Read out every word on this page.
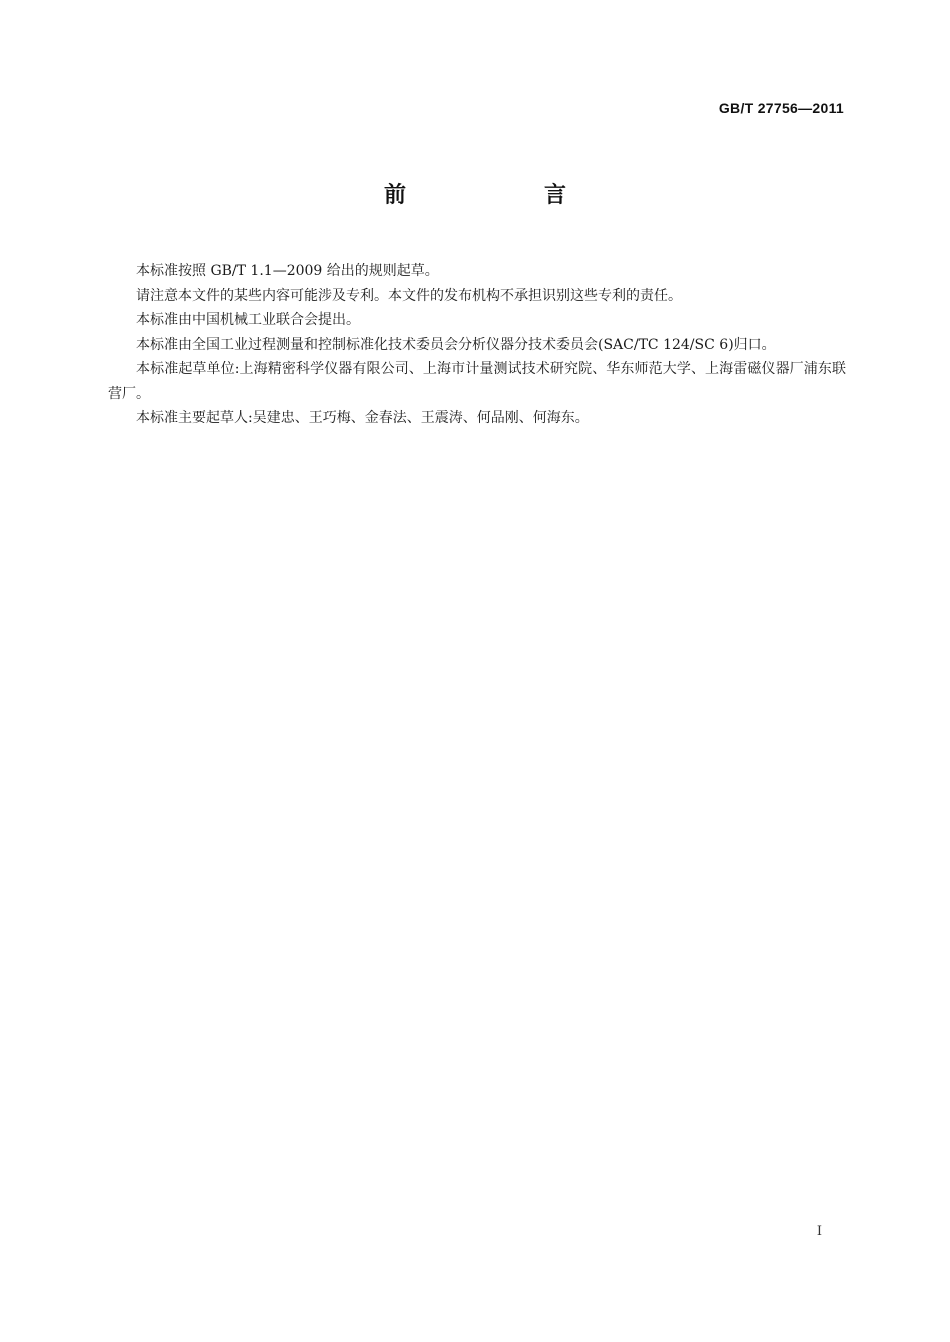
GB/T 27756—2011
前　言

本标准按照 GB/T 1.1—2009 给出的规则起草。

请注意本文件的某些内容可能涉及专利。本文件的发布机构不承担识别这些专利的责任。

本标准由中国机械工业联合会提出。

本标准由全国工业过程测量和控制标准化技术委员会分析仪器分技术委员会(SAC/TC 124/SC 6)归口。

本标准起草单位:上海精密科学仪器有限公司、上海市计量测试技术研究院、华东师范大学、上海雷磁仪器厂浦东联营厂。

本标准主要起草人:吴建忠、王巧梅、金春法、王震涛、何品刚、何海东。

I
